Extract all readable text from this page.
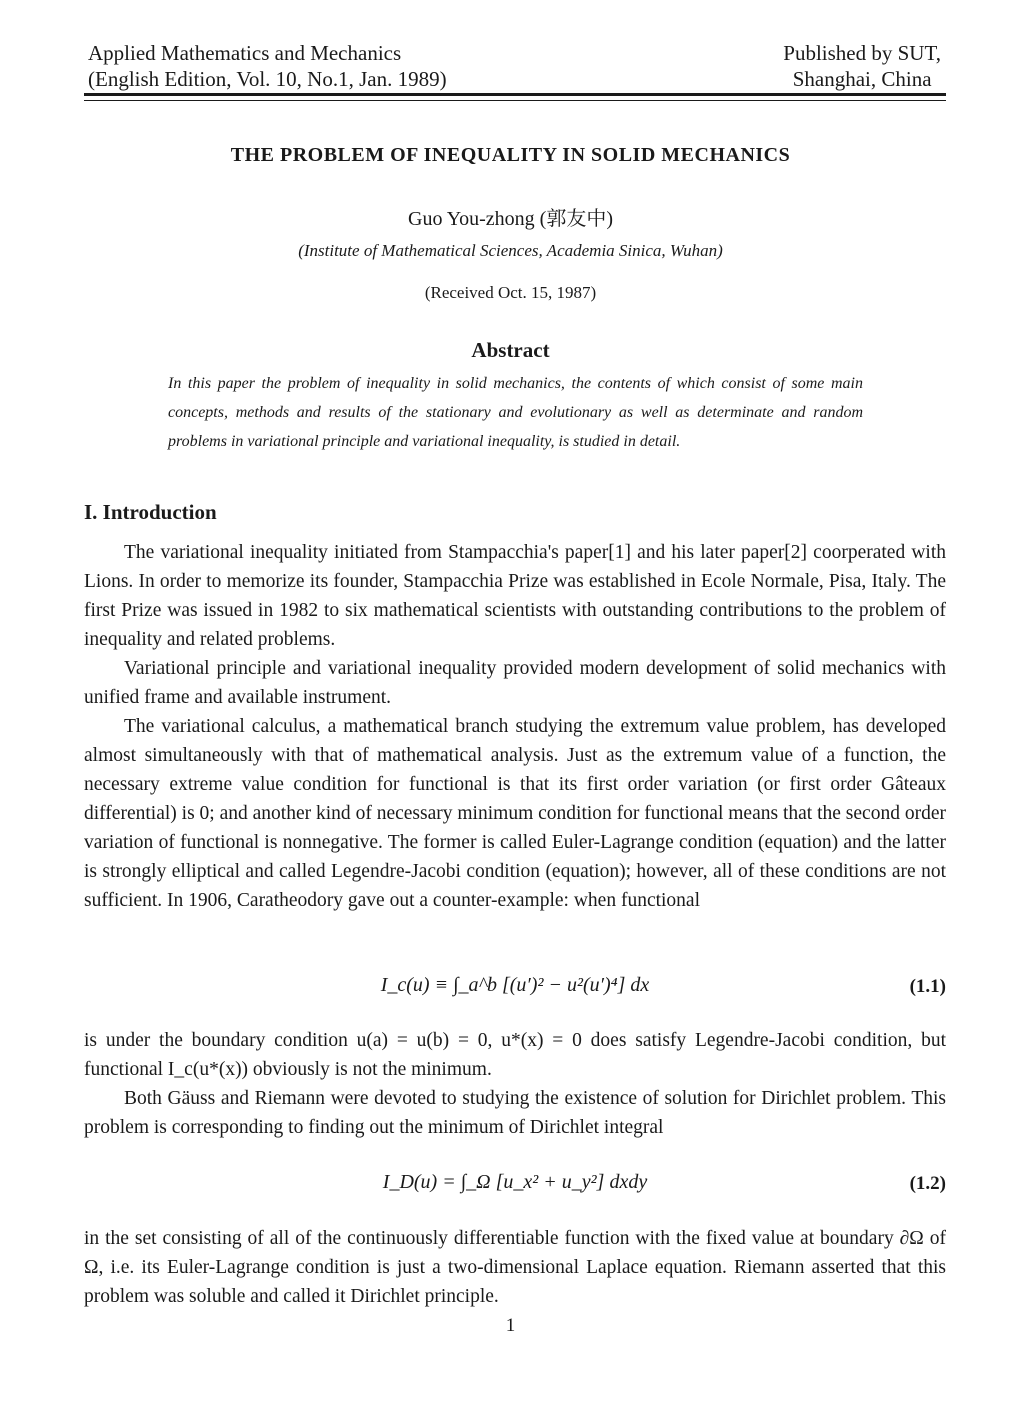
Applied Mathematics and Mechanics
(English Edition, Vol. 10, No.1, Jan. 1989)
Published by SUT,
Shanghai, China
THE PROBLEM OF INEQUALITY IN SOLID MECHANICS
Guo You-zhong (郭友中)
(Institute of Mathematical Sciences, Academia Sinica, Wuhan)
(Received Oct. 15, 1987)
Abstract
In this paper the problem of inequality in solid mechanics, the contents of which consist of some main concepts, methods and results of the stationary and evolutionary as well as determinate and random problems in variational principle and variational inequality, is studied in detail.
I. Introduction

The variational inequality initiated from Stampacchia's paper[1] and his later paper[2] coorperated with Lions. In order to memorize its founder, Stampacchia Prize was established in Ecole Normale, Pisa, Italy. The first Prize was issued in 1982 to six mathematical scientists with outstanding contributions to the problem of inequality and related problems.

Variational principle and variational inequality provided modern development of solid mechanics with unified frame and available instrument.

The variational calculus, a mathematical branch studying the extremum value problem, has developed almost simultaneously with that of mathematical analysis. Just as the extremum value of a function, the necessary extreme value condition for functional is that its first order variation (or first order Gâteaux differential) is 0; and another kind of necessary minimum condition for functional means that the second order variation of functional is nonnegative. The former is called Euler-Lagrange condition (equation) and the latter is strongly elliptical and called Legendre-Jacobi condition (equation); however, all of these conditions are not sufficient. In 1906, Caratheodory gave out a counter-example: when functional

I_c(u) ≡ ∫_a^b [(u′)² − u²(u′)⁴] dx	(1.1)

is under the boundary condition u(a) = u(b) = 0, u*(x) = 0 does satisfy Legendre-Jacobi condition, but functional I_c(u*(x)) obviously is not the minimum.

Both Gäuss and Riemann were devoted to studying the existence of solution for Dirichlet problem. This problem is corresponding to finding out the minimum of Dirichlet integral

I_D(u) = ∫_Ω [u_x² + u_y²] dxdy	(1.2)

in the set consisting of all of the continuously differentiable function with the fixed value at boundary ∂Ω of Ω, i.e. its Euler-Lagrange condition is just a two-dimensional Laplace equation. Riemann asserted that this problem was soluble and called it Dirichlet principle.

1
